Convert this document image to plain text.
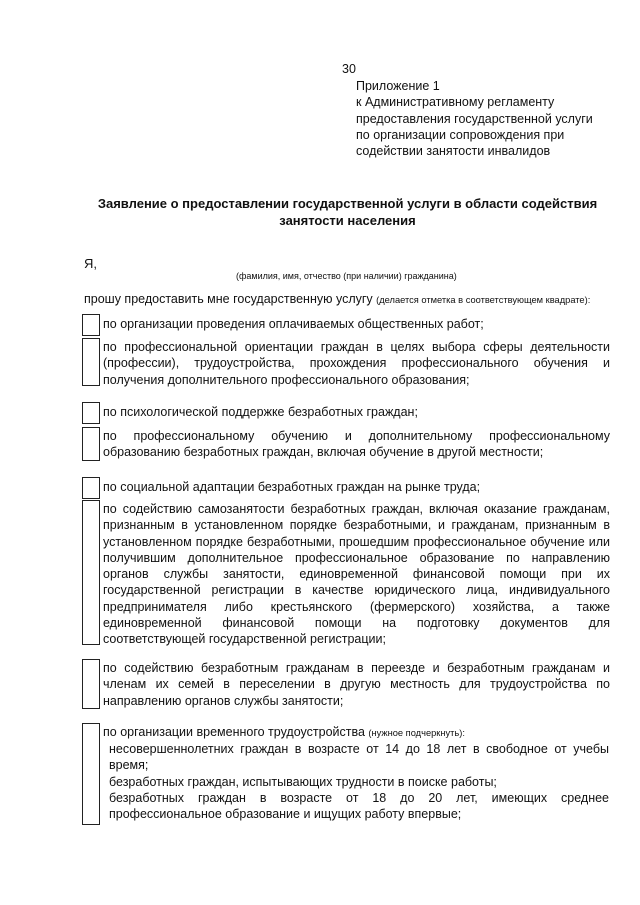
30
Приложение 1
к Административному регламенту
предоставления государственной услуги
по организации сопровождения при
содействии занятости инвалидов
Заявление о предоставлении государственной услуги в области содействия занятости населения
Я,
(фамилия, имя, отчество (при наличии) гражданина)
прошу предоставить мне государственную услугу (делается отметка в соответствующем квадрате):
по организации проведения оплачиваемых общественных работ;
по профессиональной ориентации граждан в целях выбора сферы деятельности (профессии), трудоустройства, прохождения профессионального обучения и получения дополнительного профессионального образования;
по психологической поддержке безработных граждан;
по профессиональному обучению и дополнительному профессиональному образованию безработных граждан, включая обучение в другой местности;
по социальной адаптации безработных граждан на рынке труда;
по содействию самозанятости безработных граждан, включая оказание гражданам, признанным в установленном порядке безработными, и гражданам, признанным в установленном порядке безработными, прошедшим профессиональное обучение или получившим дополнительное профессиональное образование по направлению органов службы занятости, единовременной финансовой помощи при их государственной регистрации в качестве юридического лица, индивидуального предпринимателя либо крестьянского (фермерского) хозяйства, а также единовременной финансовой помощи на подготовку документов для соответствующей государственной регистрации;
по содействию безработным гражданам в переезде и безработным гражданам и членам их семей в переселении в другую местность для трудоустройства по направлению органов службы занятости;
по организации временного трудоустройства (нужное подчеркнуть):
несовершеннолетних граждан в возрасте от 14 до 18 лет в свободное от учебы время;
безработных граждан, испытывающих трудности в поиске работы;
безработных граждан в возрасте от 18 до 20 лет, имеющих среднее профессиональное образование и ищущих работу впервые;
